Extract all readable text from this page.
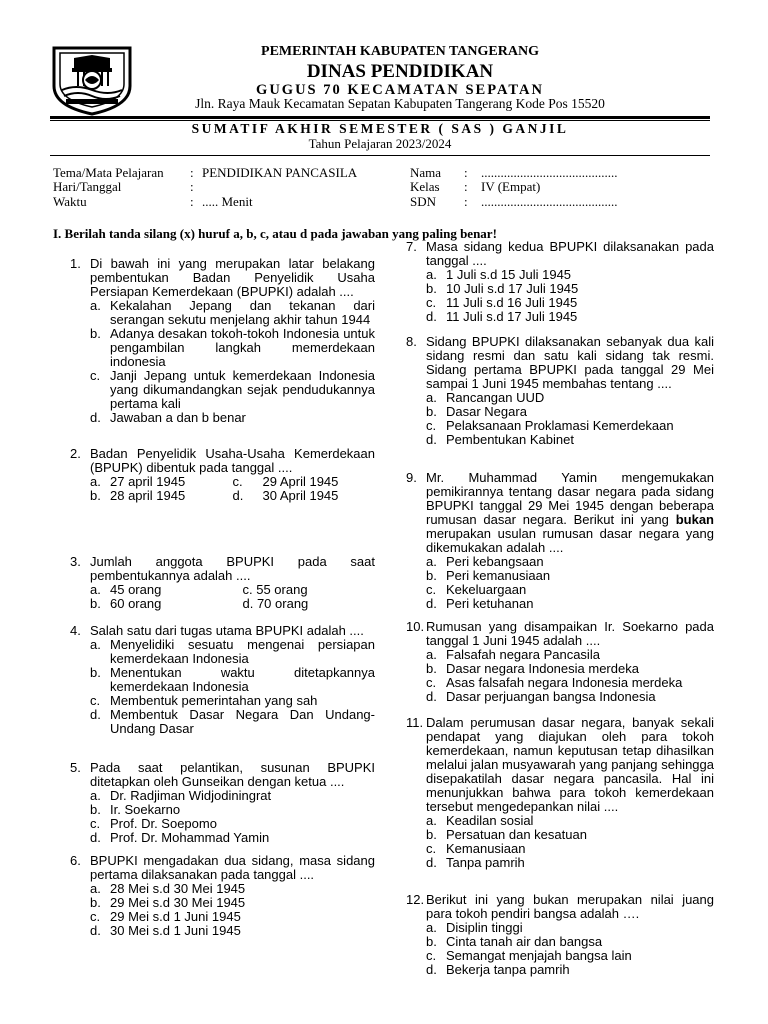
PEMERINTAH KABUPATEN TANGERANG
DINAS PENDIDIKAN
GUGUS 70 KECAMATAN SEPATAN
Jln. Raya Mauk Kecamatan Sepatan Kabupaten Tangerang Kode Pos 15520
SUMATIF AKHIR SEMESTER ( SAS ) GANJIL
Tahun Pelajaran 2023/2024
Tema/Mata Pelajaran : PENDIDIKAN PANCASILA
Hari/Tanggal	:
Waktu	: ..... Menit
Nama : ..........................................
Kelas : IV (Empat)
SDN : ..........................................
I. Berilah tanda silang (x) huruf a, b, c, atau d pada jawaban yang paling benar!
1. Di bawah ini yang merupakan latar belakang pembentukan Badan Penyelidik Usaha Persiapan Kemerdekaan (BPUPKI) adalah ....
a. Kekalahan Jepang dan tekanan dari serangan sekutu menjelang akhir tahun 1944
b. Adanya desakan tokoh-tokoh Indonesia untuk pengambilan langkah memerdekaan indonesia
c. Janji Jepang untuk kemerdekaan Indonesia yang dikumandangkan sejak pendudukannya pertama kali
d. Jawaban a dan b benar
2. Badan Penyelidik Usaha-Usaha Kemerdekaan (BPUPK) dibentuk pada tanggal ....
a. 27 april 1945	c. 29 April 1945
b. 28 april 1945	d. 30 April 1945
3. Jumlah anggota BPUPKI pada saat pembentukannya adalah ....
a. 45 orang	c. 55 orang
b. 60 orang	d. 70 orang
4. Salah satu dari tugas utama BPUPKI adalah ....
a. Menyelidiki sesuatu mengenai persiapan kemerdekaan Indonesia
b. Menentukan waktu ditetapkannya kemerdekaan Indonesia
c. Membentuk pemerintahan yang sah
d. Membentuk Dasar Negara Dan Undang-Undang Dasar
5. Pada saat pelantikan, susunan BPUPKI ditetapkan oleh Gunseikan dengan ketua ....
a. Dr. Radjiman Widjodiningrat
b. Ir. Soekarno
c. Prof. Dr. Soepomo
d. Prof. Dr. Mohammad Yamin
6. BPUPKI mengadakan dua sidang, masa sidang pertama dilaksanakan pada tanggal ....
a. 28 Mei s.d 30 Mei 1945
b. 29 Mei s.d 30 Mei 1945
c. 29 Mei s.d 1 Juni 1945
d. 30 Mei s.d 1 Juni 1945
7. Masa sidang kedua BPUPKI dilaksanakan pada tanggal ....
a. 1 Juli s.d 15 Juli 1945
b. 10 Juli s.d 17 Juli 1945
c. 11 Juli s.d 16 Juli 1945
d. 11 Juli s.d 17 Juli 1945
8. Sidang BPUPKI dilaksanakan sebanyak dua kali sidang resmi dan satu kali sidang tak resmi. Sidang pertama BPUPKI pada tanggal 29 Mei sampai 1 Juni 1945 membahas tentang ....
a. Rancangan UUD
b. Dasar Negara
c. Pelaksanaan Proklamasi Kemerdekaan
d. Pembentukan Kabinet
9. Mr. Muhammad Yamin mengemukakan pemikirannya tentang dasar negara pada sidang BPUPKI tanggal 29 Mei 1945 dengan beberapa rumusan dasar negara. Berikut ini yang bukan merupakan usulan rumusan dasar negara yang dikemukakan adalah ....
a. Peri kebangsaan
b. Peri kemanusiaan
c. Kekeluargaan
d. Peri ketuhanan
10. Rumusan yang disampaikan Ir. Soekarno pada tanggal 1 Juni 1945 adalah ....
a. Falsafah negara Pancasila
b. Dasar negara Indonesia merdeka
c. Asas falsafah negara Indonesia merdeka
d. Dasar perjuangan bangsa Indonesia
11. Dalam perumusan dasar negara, banyak sekali pendapat yang diajukan oleh para tokoh kemerdekaan, namun keputusan tetap dihasilkan melalui jalan musyawarah yang panjang sehingga disepakatilah dasar negara pancasila. Hal ini menunjukkan bahwa para tokoh kemerdekaan tersebut mengedepankan nilai ....
a. Keadilan sosial
b. Persatuan dan kesatuan
c. Kemanusiaan
d. Tanpa pamrih
12. Berikut ini yang bukan merupakan nilai juang para tokoh pendiri bangsa adalah ….
a. Disiplin tinggi
b. Cinta tanah air dan bangsa
c. Semangat menjajah bangsa lain
d. Bekerja tanpa pamrih
